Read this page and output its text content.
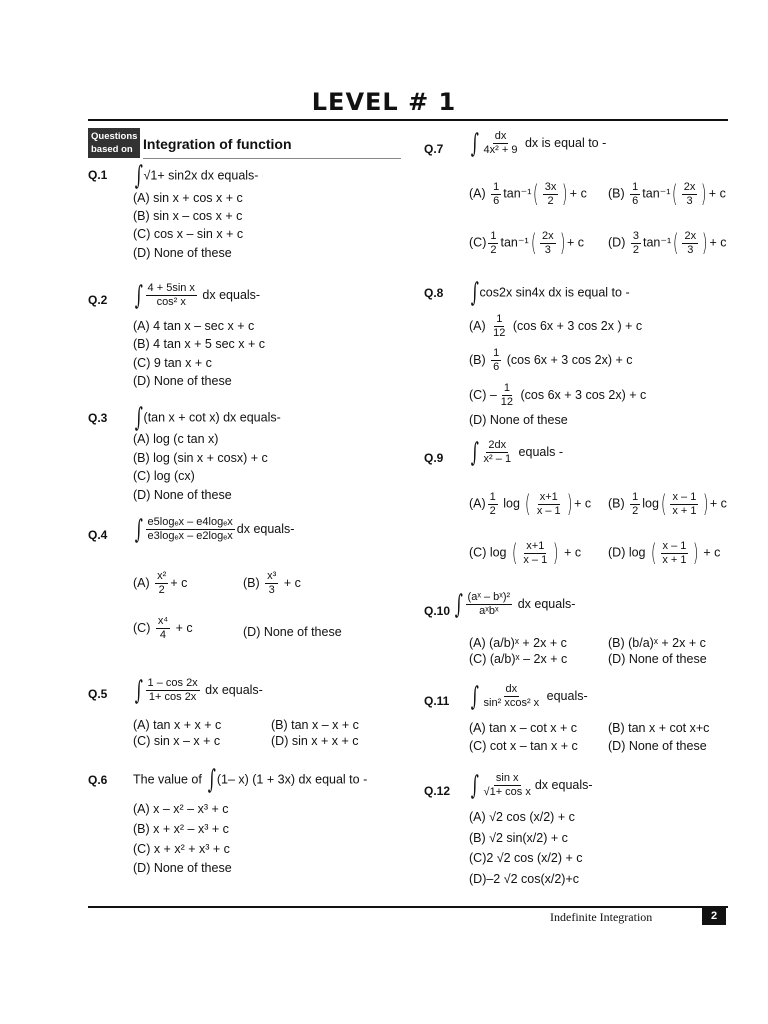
LEVEL # 1
Questions based on Integration of function
Q.1 ∫√1+ sin2x dx equals-
(A) sin x + cos x + c
(B) sin x – cos x + c
(C) cos x – sin x + c
(D) None of these
Q.2 ∫ $\frac{\text{4 + 5sin x}}{\text{cos² x}}$ dx equals-
(A) 4 tan x – sec x + c
(B) 4 tan x + 5 sec x + c
(C) 9 tan x + c
(D) None of these
Q.3 ∫(tan x + cot x) dx equals-
(A) log (c tan x)
(B) log (sin x + cosx) + c
(C) log (cx)
(D) None of these
Q.4 ∫ $\frac{\text{e5logₑx – e4logₑx}}{\text{e3logₑx – e2logₑx}}$ dx equals-
$(A) \frac{\text{x²}}{2} + c$	$(B) \frac{\text{x³}}{3} + c$
$(C) \frac{\text{x⁴}}{4} + c$	(D) None of these
Q.5 ∫ $\frac{1 - \cos 2x}{1+ \cos 2x}$ dx equals-
(A) tan x + x + c	(B) tan x – x + c
(C) sin x – x + c	(D) sin x + x + c
Q.6 The value of ∫(1– x) (1 + 3x) dx equal to -
(A) x – x² – x³ + c
(B) x + x² – x³ + c
(C) x + x² + x³ + c
(D) None of these
Q.7 ∫ $\frac{dx}{\text{4x² + 9}}$ dx is equal to -
$(A) \frac{1}{6} \tan^{-1}( \frac{3x}{2}$ ) + c $(B) \frac{1}{6} \tan^{-1}( \frac{2x}{3}$ ) + c
$(C) \frac{1}{2} \tan^{-1}( \frac{2x}{3}$ ) + c $(D) \frac{3}{2} \tan^{-1}( \frac{2x}{3}$ ) + c
Q.8 ∫cos2x sin4x dx is equal to -
$(A) \frac{1}{12} (\cos$ 6x + 3 cos 2x ) + c
$(B) \frac{1}{6} (\cos$ 6x + 3 cos 2x) + c
$(C) - \frac{1}{12} (\cos$ 6x + 3 cos 2x) + c
(D) None of these
Q.9 ∫ $\frac{2dx}{\text{x² – 1}}$ equals -
$(A) \frac{1}{2}$ log ( $\frac{x+1}{x - 1}$ ) + c $(B) \frac{1}{2} \log( \frac{x - 1}{x + 1}$ ) + c
(C) log ( $\frac{x+1}{x - 1}$ ) + c (D) log ( $\frac{x - 1}{x + 1}$ ) + c
Q.10 ∫ $\frac{\text{(aˣ – bˣ)²}}{\text{aˣbˣ}}$ dx equals-
(A) (a/b)ˣ + 2x + c	(B) (b/a)ˣ + 2x + c
(C) (a/b)ˣ – 2x + c	(D) None of these
Q.11 ∫ $\frac{dx}{\text{sin² xcos² x}}$ equals-
(A) tan x – cot x + c (B) tan x + cot x+c
(C) cot x – tan x + c (D) None of these
Q.12 ∫ $\frac{\text{sin x}}{\text{√1+ cos x}}$ dx equals-
(A) √2 cos (x/2) + c
(B) √2 sin(x/2) + c
(C)2 √2 cos (x/2) + c
(D)–2 √2 cos(x/2)+c
Indefinite Integration	2
